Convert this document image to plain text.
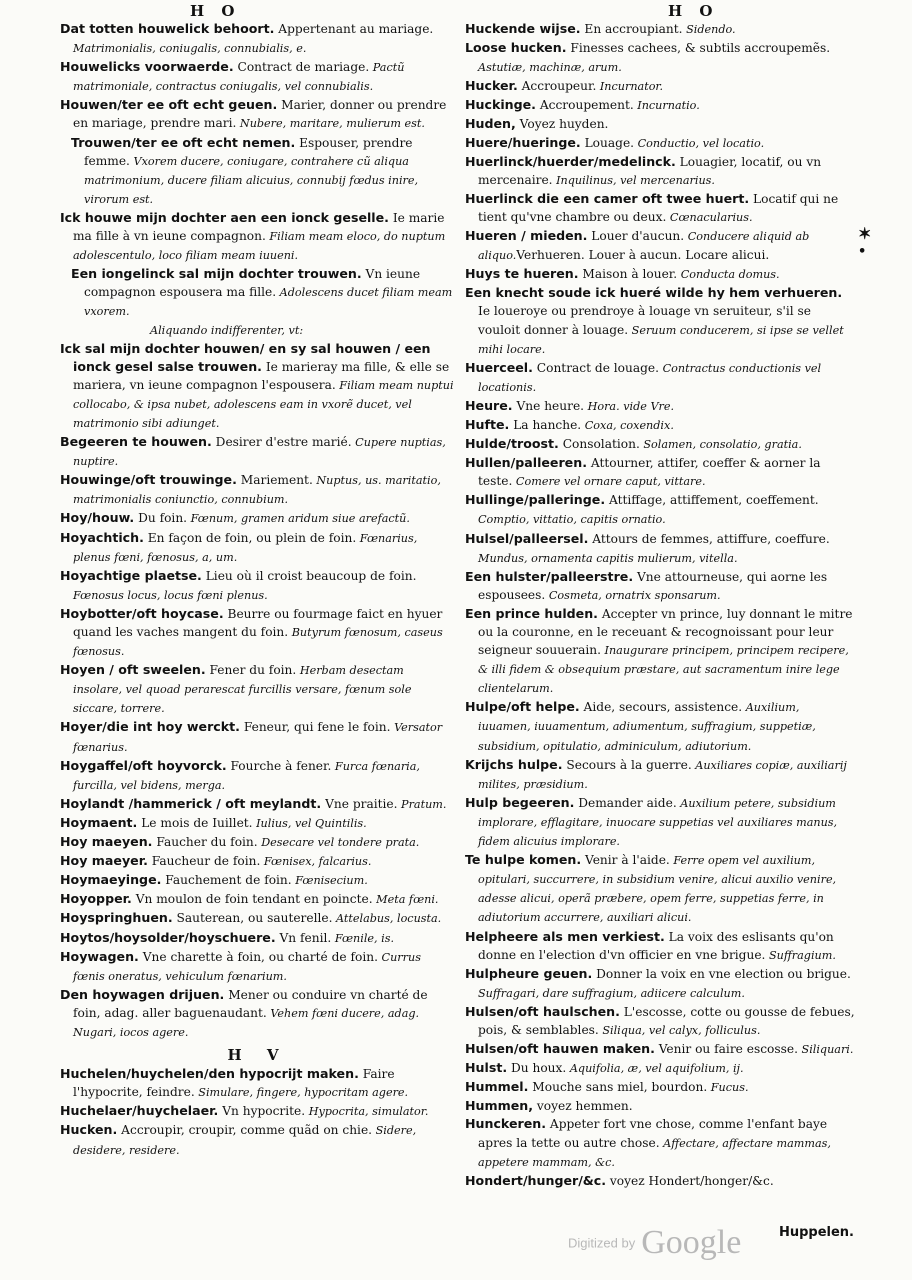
H O	H O

Dat totten houwelick behoort. Appertenant au mariage. Matrimonialis, coniugalis, connubialis, e.

Houwelicks voorwaerde. Contract de mariage. Pactũ matrimoniale, contractus coniugalis, vel connubialis.

Houwen/ter ee oft echt geuen. Marier, donner ou prendre en mariage, prendre mari. Nubere, maritare, mulierum est.

Trouwen/ter ee oft echt nemen. Espouser, prendre femme. Vxorem ducere, coniugare, contrahere cũ aliqua matrimonium, ducere filiam alicuius, connubij fœdus inire, virorum est.

Ick houwe mijn dochter aen een ionck geselle. Ie marie ma fille à vn ieune compagnon. Filiam meam eloco, do nuptum adolescentulo, loco filiam meam iuueni.

Een iongelinck sal mijn dochter trouwen. Vn ieune compagnon espousera ma fille. Adolescens ducet filiam meam vxorem.

Aliquando indifferenter, vt:

Ick sal mijn dochter houwen/ en sy sal houwen / een ionck gesel salse trouwen. Ie marieray ma fille, & elle se mariera, vn ieune compagnon l'espousera. Filiam meam nuptui collocabo, & ipsa nubet, adolescens eam in vxorẽ ducet, vel matrimonio sibi adiunget.

Begeeren te houwen. Desirer d'estre marié. Cupere nuptias, nuptire.

Houwinge/oft trouwinge. Mariement. Nuptus, us. maritatio, matrimonialis coniunctio, connubium.

Hoy/houw. Du foin. Fœnum, gramen aridum siue arefactũ.

Hoyachtich. En façon de foin, ou plein de foin. Fœnarius, plenus fœni, fœnosus, a, um.

Hoyachtige plaetse. Lieu où il croist beaucoup de foin. Fœnosus locus, locus fœni plenus.

Hoybotter/oft hoycase. Beurre ou fourmage faict en hyuer quand les vaches mangent du foin. Butyrum fœnosum, caseus fœnosus.

Hoyen / oft sweelen. Fener du foin. Herbam desectam insolare, vel quoad perarescat furcillis versare, fœnum sole siccare, torrere.

Hoyer/die int hoy werckt. Feneur, qui fene le foin. Versator fœnarius.

Hoygaffel/oft hoyvorck. Fourche à fener. Furca fœnaria, furcilla, vel bidens, merga.

Hoylandt /hammerick / oft meylandt. Vne praitie. Pratum.

Hoymaent. Le mois de Iuillet. Iulius, vel Quintilis.

Hoy maeyen. Faucher du foin. Desecare vel tondere prata.

Hoy maeyer. Faucheur de foin. Fœnisex, falcarius.

Hoymaeyinge. Fauchement de foin. Fœnisecium.

Hoyopper. Vn moulon de foin tendant en poincte. Meta fœni.

Hoyspringhuen. Sauterean, ou sauterelle. Attelabus, locusta.

Hoytos/hoysolder/hoyschuere. Vn fenil. Fœnile, is.

Hoywagen. Vne charette à foin, ou charté de foin. Currus fœnis oneratus, vehiculum fœnarium.

Den hoywagen drijuen. Mener ou conduire vn charté de foin, adag. aller baguenaudant. Vehem fœni ducere, adag. Nugari, iocos agere.

H V

Huchelen/huychelen/den hypocrijt maken. Faire l'hypocrite, feindre. Simulare, fingere, hypocritam agere.

Huchelaer/huychelaer. Vn hypocrite. Hypocrita, simulator.

Hucken. Accroupir, croupir, comme quãd on chie. Sidere, desidere, residere.

Huckende wijse. En accroupiant. Sidendo.

Loose hucken. Finesses cachees, & subtils accroupemẽs. Astutiæ, machinæ, arum.

Hucker. Accroupeur. Incurnator.

Huckinge. Accroupement. Incurnatio.

Huden, Voyez huyden.

Huere/hueringe. Louage. Conductio, vel locatio.

Huerlinck/huerder/medelinck. Louagier, locatif, ou vn mercenaire. Inquilinus, vel mercenarius.

Huerlinck die een camer oft twee huert. Locatif qui ne tient qu'vne chambre ou deux. Cœnacularius.

Hueren / mieden. Louer d'aucun. Conducere aliquid ab aliquo.Verhueren. Louer à aucun. Locare alicui.

Huys te hueren. Maison à louer. Conducta domus.

Een knecht soude ick hueré wilde hy hem verhueren. Ie loueroye ou prendroye à louage vn seruiteur, s'il se vouloit donner à louage. Seruum conducerem, si ipse se vellet mihi locare.

Huerceel. Contract de louage. Contractus conductionis vel locationis.

Heure. Vne heure. Hora. vide Vre.

Hufte. La hanche. Coxa, coxendix.

Hulde/troost. Consolation. Solamen, consolatio, gratia.

Hullen/palleeren. Attourner, attifer, coeffer & aorner la teste. Comere vel ornare caput, vittare.

Hullinge/palleringe. Attiffage, attiffement, coeffement. Comptio, vittatio, capitis ornatio.

Hulsel/palleersel. Attours de femmes, attiffure, coeffure. Mundus, ornamenta capitis mulierum, vitella.

Een hulster/palleerstre. Vne attourneuse, qui aorne les espousees. Cosmeta, ornatrix sponsarum.

Een prince hulden. Accepter vn prince, luy donnant le mitre ou la couronne, en le receuant & recognoissant pour leur seigneur souuerain. Inaugurare principem, principem recipere, & illi fidem & obsequium præstare, aut sacramentum inire lege clientelarum.

Hulpe/oft helpe. Aide, secours, assistence. Auxilium, iuuamen, iuuamentum, adiumentum, suffragium, suppetiæ, subsidium, opitulatio, adminiculum, adiutorium.

Krijchs hulpe. Secours à la guerre. Auxiliares copiæ, auxiliarij milites, præsidium.

Hulp begeeren. Demander aide. Auxilium petere, subsidium implorare, efflagitare, inuocare suppetias vel auxiliares manus, fidem alicuius implorare.

Te hulpe komen. Venir à l'aide. Ferre opem vel auxilium, opitulari, succurrere, in subsidium venire, alicui auxilio venire, adesse alicui, operã præbere, opem ferre, suppetias ferre, in adiutorium accurrere, auxiliari alicui.

Helpheere als men verkiest. La voix des eslisants qu'on donne en l'election d'vn officier en vne brigue. Suffragium.

Hulpheure geuen. Donner la voix en vne election ou brigue. Suffragari, dare suffragium, adiicere calculum.

Hulsen/oft haulschen. L'escosse, cotte ou gousse de febues, pois, & semblables. Siliqua, vel calyx, folliculus.

Hulsen/oft hauwen maken. Venir ou faire escosse. Siliquari.

Hulst. Du houx. Aquifolia, æ, vel aquifolium, ij.

Hummel. Mouche sans miel, bourdon. Fucus.

Hummen, voyez hemmen.

Hunckeren. Appeter fort vne chose, comme l'enfant baye apres la tette ou autre chose. Affectare, affectare mammas, appetere mammam, &c.

Hondert/hunger/&c. voyez Hondert/honger/&c.

✶
•
Huppelen.
Digitized by Google
